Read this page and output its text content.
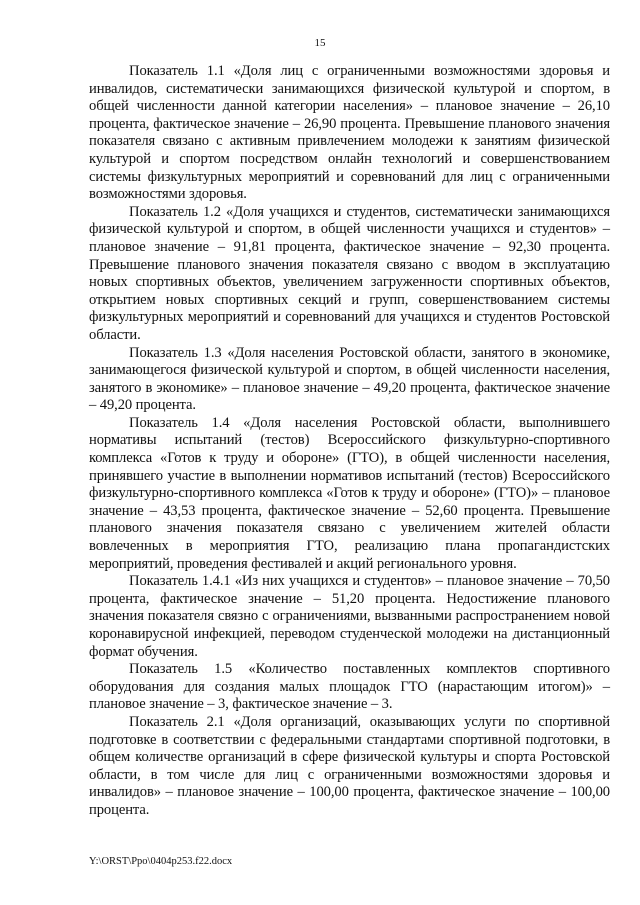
15

Показатель 1.1 «Доля лиц с ограниченными возможностями здоровья и инвалидов, систематически занимающихся физической культурой и спортом, в общей численности данной категории населения» – плановое значение – 26,10 процента, фактическое значение – 26,90 процента. Превышение планового значения показателя связано с активным привлечением молодежи к занятиям физической культурой и спортом посредством онлайн технологий и совершенствованием системы физкультурных мероприятий и соревнований для лиц с ограниченными возможностями здоровья.

Показатель 1.2 «Доля учащихся и студентов, систематически занимающихся физической культурой и спортом, в общей численности учащихся и студентов» – плановое значение – 91,81 процента, фактическое значение – 92,30 процента. Превышение планового значения показателя связано с вводом в эксплуатацию новых спортивных объектов, увеличением загруженности спортивных объектов, открытием новых спортивных секций и групп, совершенствованием системы физкультурных мероприятий и соревнований для учащихся и студентов Ростовской области.

Показатель 1.3 «Доля населения Ростовской области, занятого в экономике, занимающегося физической культурой и спортом, в общей численности населения, занятого в экономике» – плановое значение – 49,20 процента, фактическое значение – 49,20 процента.

Показатель 1.4 «Доля населения Ростовской области, выполнившего нормативы испытаний (тестов) Всероссийского физкультурно-спортивного комплекса «Готов к труду и обороне» (ГТО), в общей численности населения, принявшего участие в выполнении нормативов испытаний (тестов) Всероссийского физкультурно-спортивного комплекса «Готов к труду и обороне» (ГТО)» – плановое значение – 43,53 процента, фактическое значение – 52,60 процента. Превышение планового значения показателя связано с увеличением жителей области вовлеченных в мероприятия ГТО, реализацию плана пропагандистских мероприятий, проведения фестивалей и акций регионального уровня.

Показатель 1.4.1 «Из них учащихся и студентов» – плановое значение – 70,50 процента, фактическое значение – 51,20 процента. Недостижение планового значения показателя связно с ограничениями, вызванными распространением новой коронавирусной инфекцией, переводом студенческой молодежи на дистанционный формат обучения.

Показатель 1.5 «Количество поставленных комплектов спортивного оборудования для создания малых площадок ГТО (нарастающим итогом)» – плановое значение – 3, фактическое значение – 3.

Показатель 2.1 «Доля организаций, оказывающих услуги по спортивной подготовке в соответствии с федеральными стандартами спортивной подготовки, в общем количестве организаций в сфере физической культуры и спорта Ростовской области, в том числе для лиц с ограниченными возможностями здоровья и инвалидов» – плановое значение – 100,00 процента, фактическое значение – 100,00 процента.

Y:\ORST\Ppo\0404p253.f22.docx
